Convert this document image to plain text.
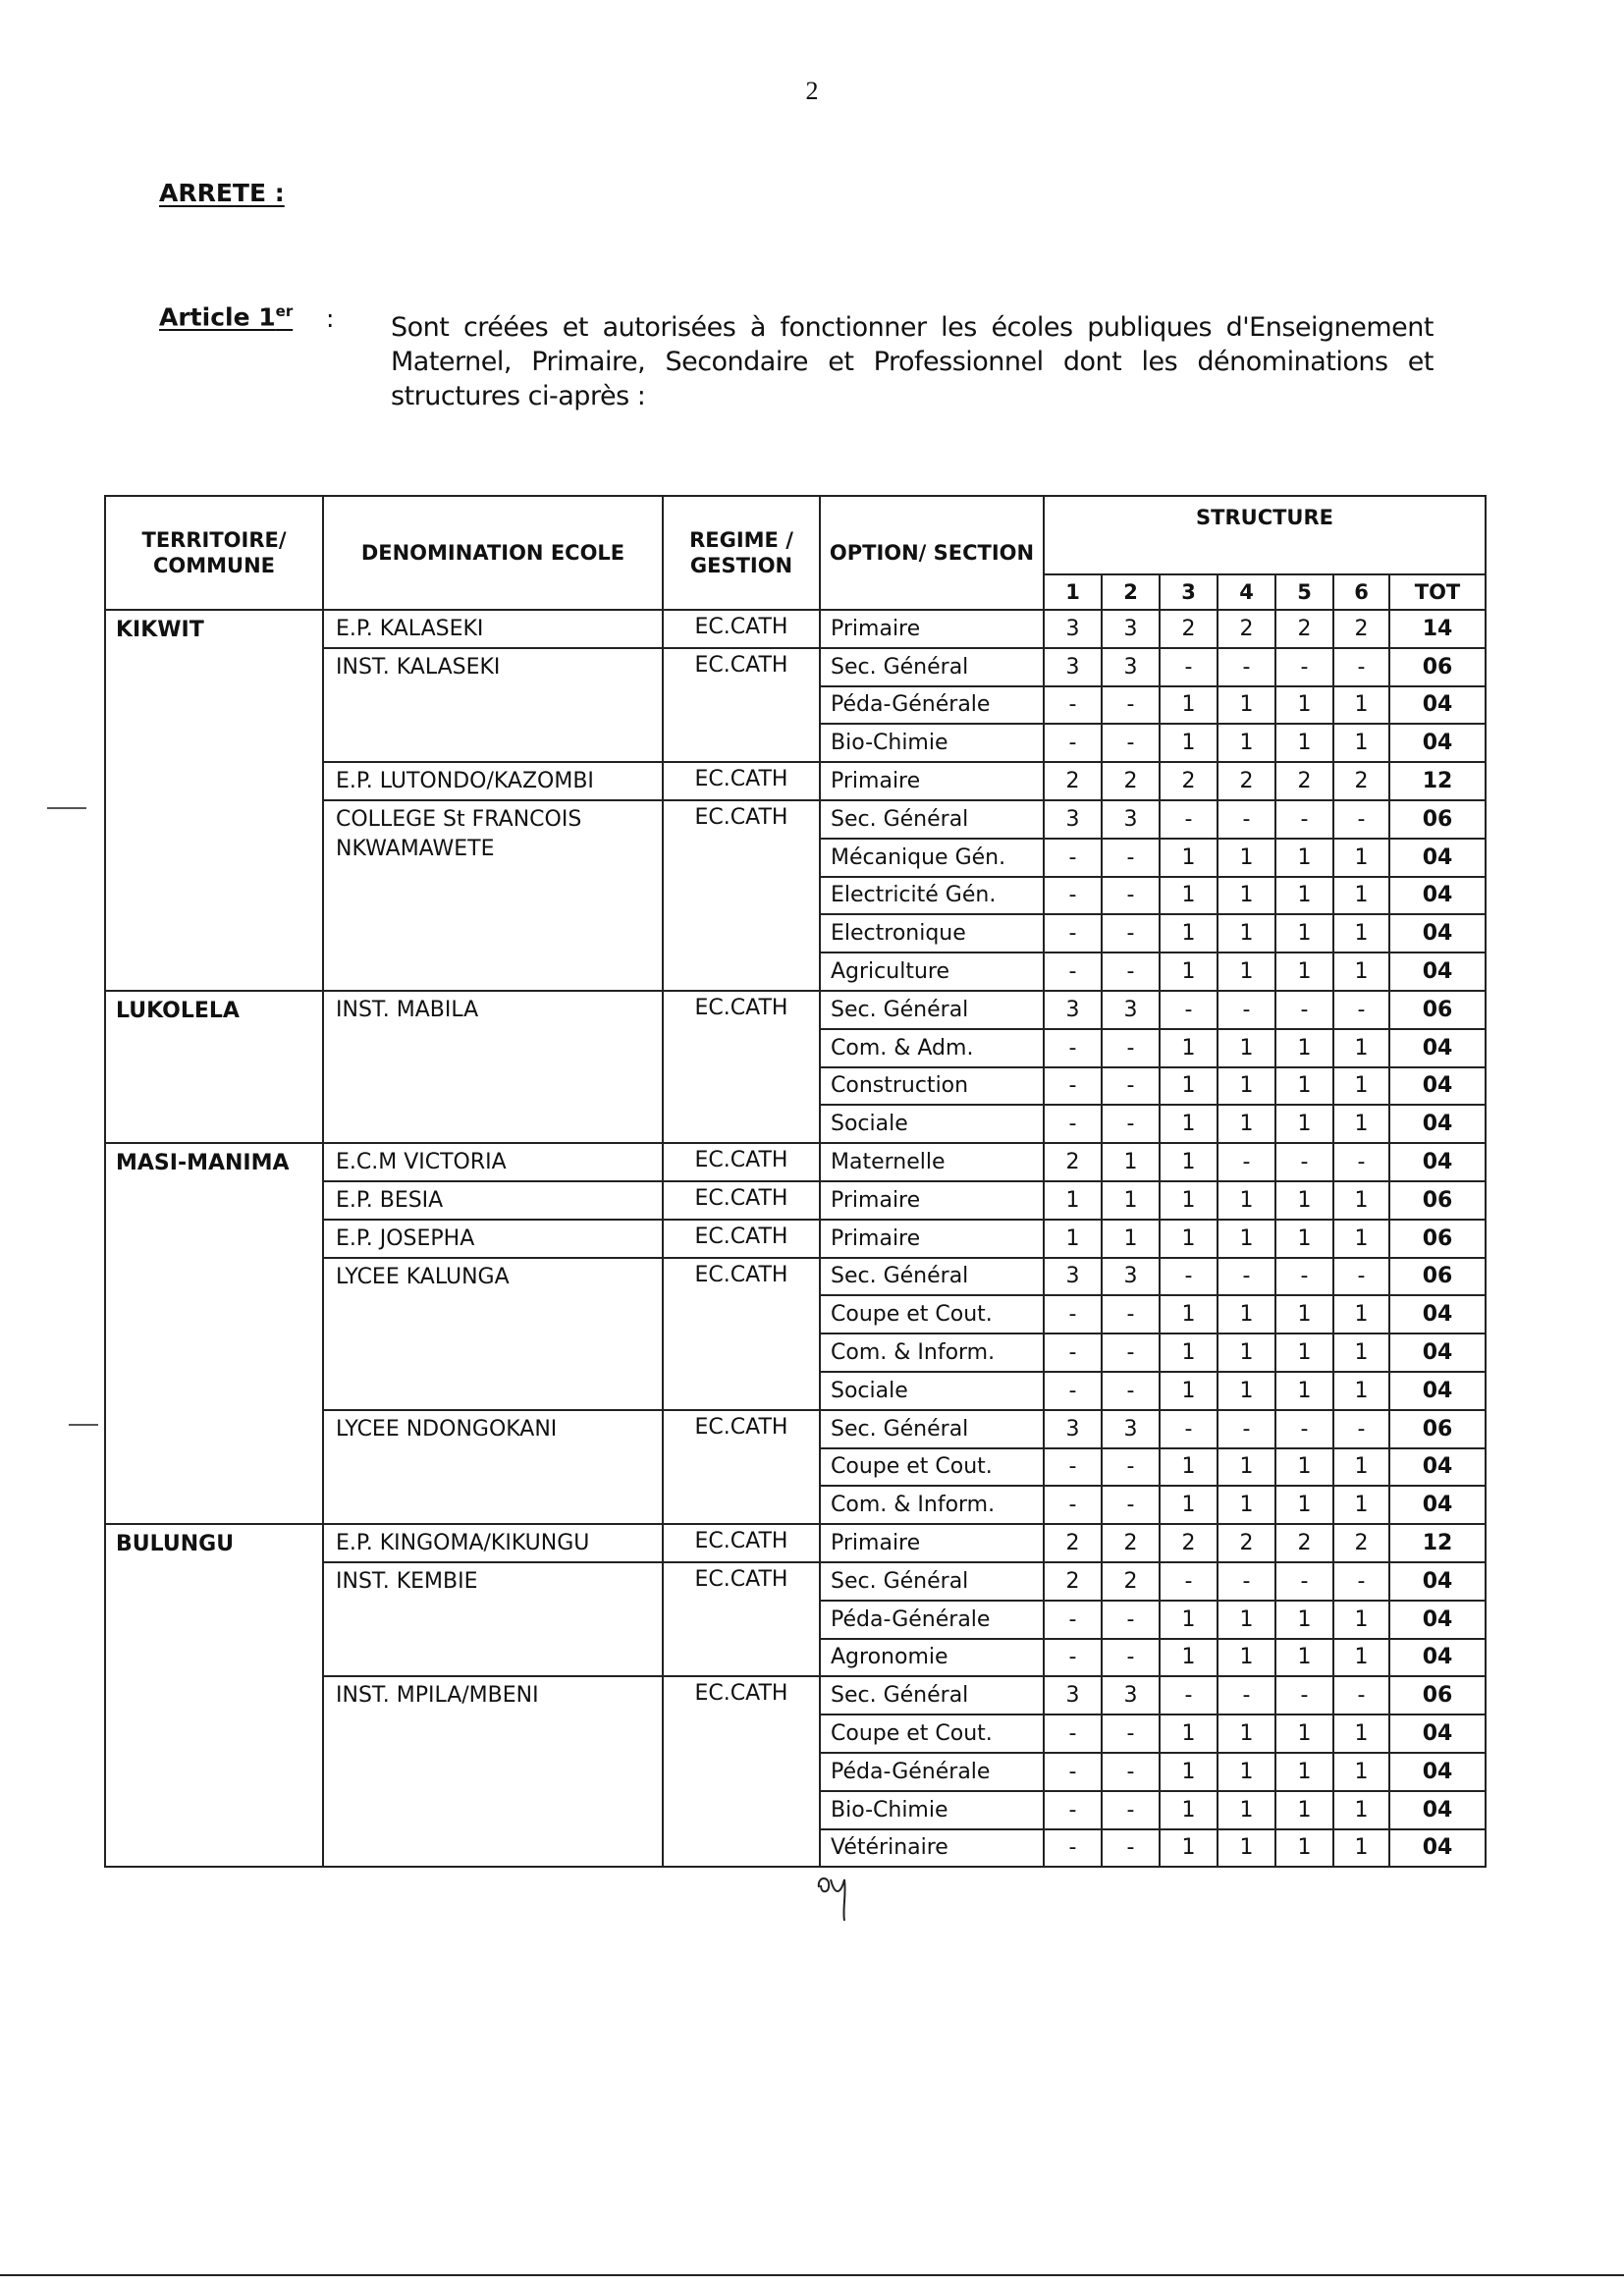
2
ARRETE :
Article 1er : Sont créées et autorisées à fonctionner les écoles publiques d'Enseignement Maternel, Primaire, Secondaire et Professionnel dont les dénominations et structures ci-après :
TERRITOIRE/ COMMUNE	DENOMINATION ECOLE	REGIME / GESTION	OPTION/ SECTION	STRUCTURE						
				1	2	3	4	5	6	TOT
KIKWIT	E.P. KALASEKI	EC.CATH	Primaire	3	3	2	2	2	2	14
	INST. KALASEKI	EC.CATH	Sec. Général	3	3	-	-	-	-	06
			Péda-Générale	-	-	1	1	1	1	04
			Bio-Chimie	-	-	1	1	1	1	04
	E.P. LUTONDO/KAZOMBI	EC.CATH	Primaire	2	2	2	2	2	2	12
	COLLEGE St FRANCOIS NKWAMAWETE	EC.CATH	Sec. Général	3	3	-	-	-	-	06
			Mécanique Gén.	-	-	1	1	1	1	04
			Electricité Gén.	-	-	1	1	1	1	04
			Electronique	-	-	1	1	1	1	04
			Agriculture	-	-	1	1	1	1	04
LUKOLELA	INST. MABILA	EC.CATH	Sec. Général	3	3	-	-	-	-	06
			Com. & Adm.	-	-	1	1	1	1	04
			Construction	-	-	1	1	1	1	04
			Sociale	-	-	1	1	1	1	04
MASI-MANIMA	E.C.M VICTORIA	EC.CATH	Maternelle	2	1	1	-	-	-	04
	E.P. BESIA	EC.CATH	Primaire	1	1	1	1	1	1	06
	E.P. JOSEPHA	EC.CATH	Primaire	1	1	1	1	1	1	06
	LYCEE KALUNGA	EC.CATH	Sec. Général	3	3	-	-	-	-	06
			Coupe et Cout.	-	-	1	1	1	1	04
			Com. & Inform.	-	-	1	1	1	1	04
			Sociale	-	-	1	1	1	1	04
	LYCEE NDONGOKANI	EC.CATH	Sec. Général	3	3	-	-	-	-	06
			Coupe et Cout.	-	-	1	1	1	1	04
			Com. & Inform.	-	-	1	1	1	1	04
BULUNGU	E.P. KINGOMA/KIKUNGU	EC.CATH	Primaire	2	2	2	2	2	2	12
	INST. KEMBIE	EC.CATH	Sec. Général	2	2	-	-	-	-	04
			Péda-Générale	-	-	1	1	1	1	04
			Agronomie	-	-	1	1	1	1	04
	INST. MPILA/MBENI	EC.CATH	Sec. Général	3	3	-	-	-	-	06
			Coupe et Cout.	-	-	1	1	1	1	04
			Péda-Générale	-	-	1	1	1	1	04
			Bio-Chimie	-	-	1	1	1	1	04
			Vétérinaire	-	-	1	1	1	1	04
